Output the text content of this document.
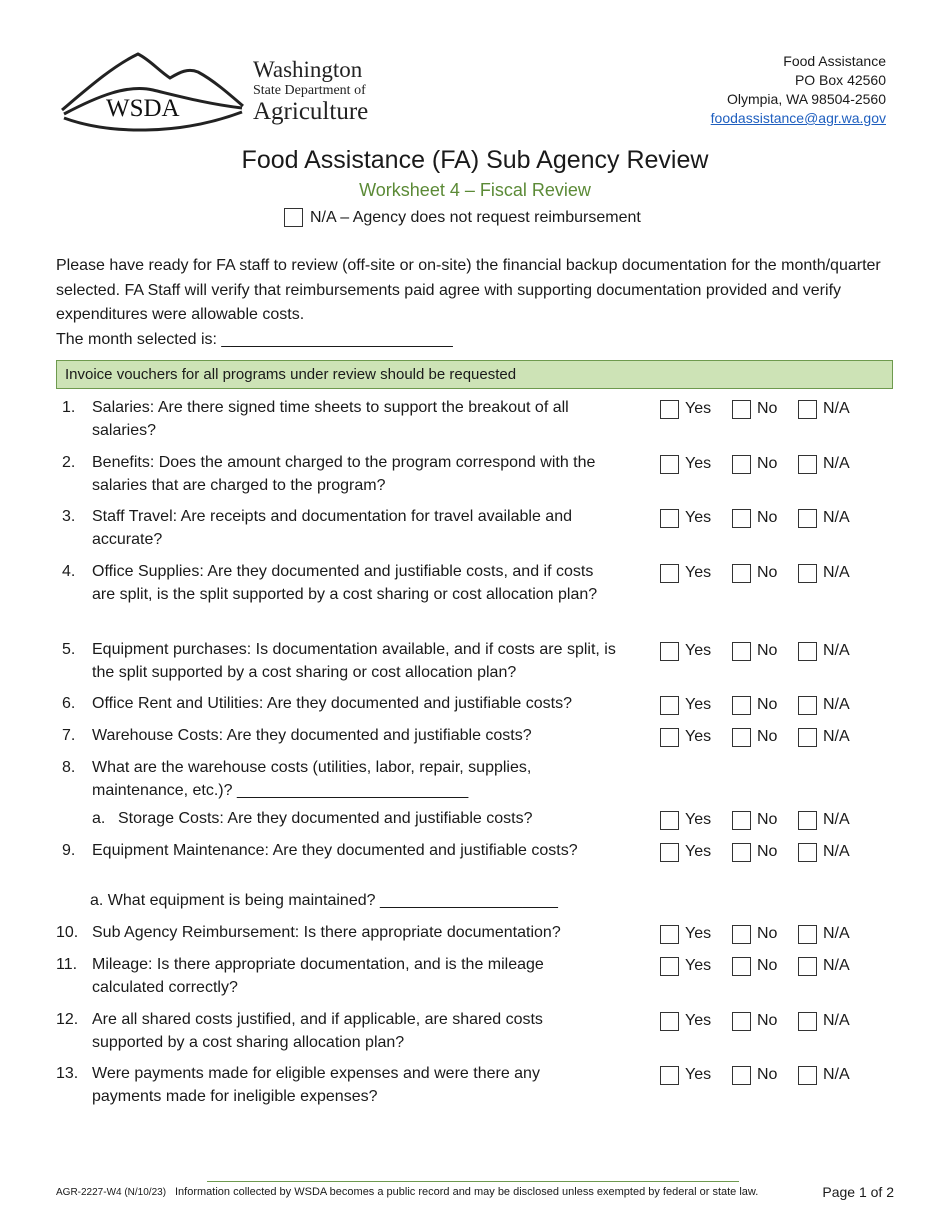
WSDA
Washington
State Department of
Agriculture
Food Assistance
PO Box 42560
Olympia, WA 98504-2560
foodassistance@agr.wa.gov
Food Assistance (FA) Sub Agency Review
Worksheet 4 – Fiscal Review
N/A – Agency does not request reimbursement
Please have ready for FA staff to review (off-site or on-site) the financial backup documentation for the month/quarter selected. FA Staff will verify that reimbursements paid agree with supporting documentation provided and verify expenditures were allowable costs.
The month selected is: __________________________
Invoice vouchers for all programs under review should be requested
1. Salaries: Are there signed time sheets to support the breakout of all salaries?
Yes	No	N/A
2. Benefits: Does the amount charged to the program correspond with the salaries that are charged to the program?
Yes	No	N/A
3. Staff Travel: Are receipts and documentation for travel available and accurate?
Yes	No	N/A
4. Office Supplies: Are they documented and justifiable costs, and if costs are split, is the split supported by a cost sharing or cost allocation plan?
Yes	No	N/A
5. Equipment purchases: Is documentation available, and if costs are split, is the split supported by a cost sharing or cost allocation plan?
Yes	No	N/A
6. Office Rent and Utilities: Are they documented and justifiable costs?	Yes	No	N/A
7. Warehouse Costs: Are they documented and justifiable costs?	Yes	No	N/A
8. What are the warehouse costs (utilities, labor, repair, supplies, maintenance, etc.)? __________________________
a. Storage Costs: Are they documented and justifiable costs?	Yes	No	N/A
9. Equipment Maintenance: Are they documented and justifiable costs?	Yes	No	N/A
a. What equipment is being maintained? ____________________
10. Sub Agency Reimbursement: Is there appropriate documentation?	Yes	No	N/A
11. Mileage: Is there appropriate documentation, and is the mileage calculated correctly?
Yes	No	N/A
12. Are all shared costs justified, and if applicable, are shared costs supported by a cost sharing allocation plan?
Yes	No	N/A
13. Were payments made for eligible expenses and were there any payments made for ineligible expenses?
Yes	No	N/A
AGR-2227-W4 (N/10/23) Information collected by WSDA becomes a public record and may be disclosed unless exempted by federal or state law.	Page 1 of 2
